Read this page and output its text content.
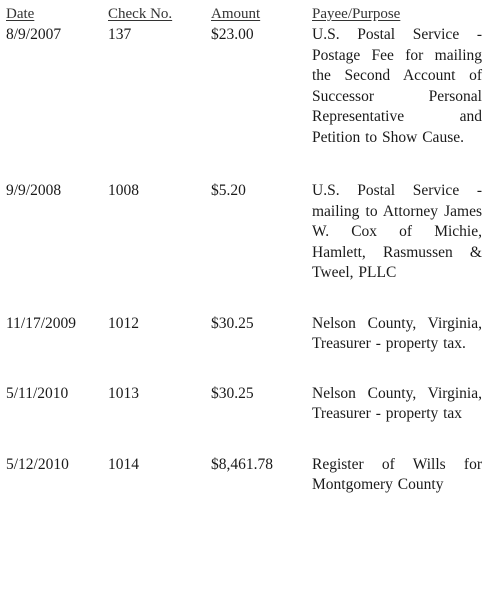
Date	Check No.	Amount	Payee/Purpose
8/9/2007	137	$23.00	U.S. Postal Service - Postage Fee for mailing the Second Account of Successor Personal Representative and Petition to Show Cause.
9/9/2008	1008	$5.20	U.S. Postal Service - mailing to Attorney James W. Cox of Michie, Hamlett, Rasmussen & Tweel, PLLC
11/17/2009 1012	$30.25	Nelson County, Virginia, Treasurer - property tax.
5/11/2010	1013	$30.25	Nelson County, Virginia, Treasurer - property tax
5/12/2010	1014	$8,461.78	Register of Wills for Montgomery County
